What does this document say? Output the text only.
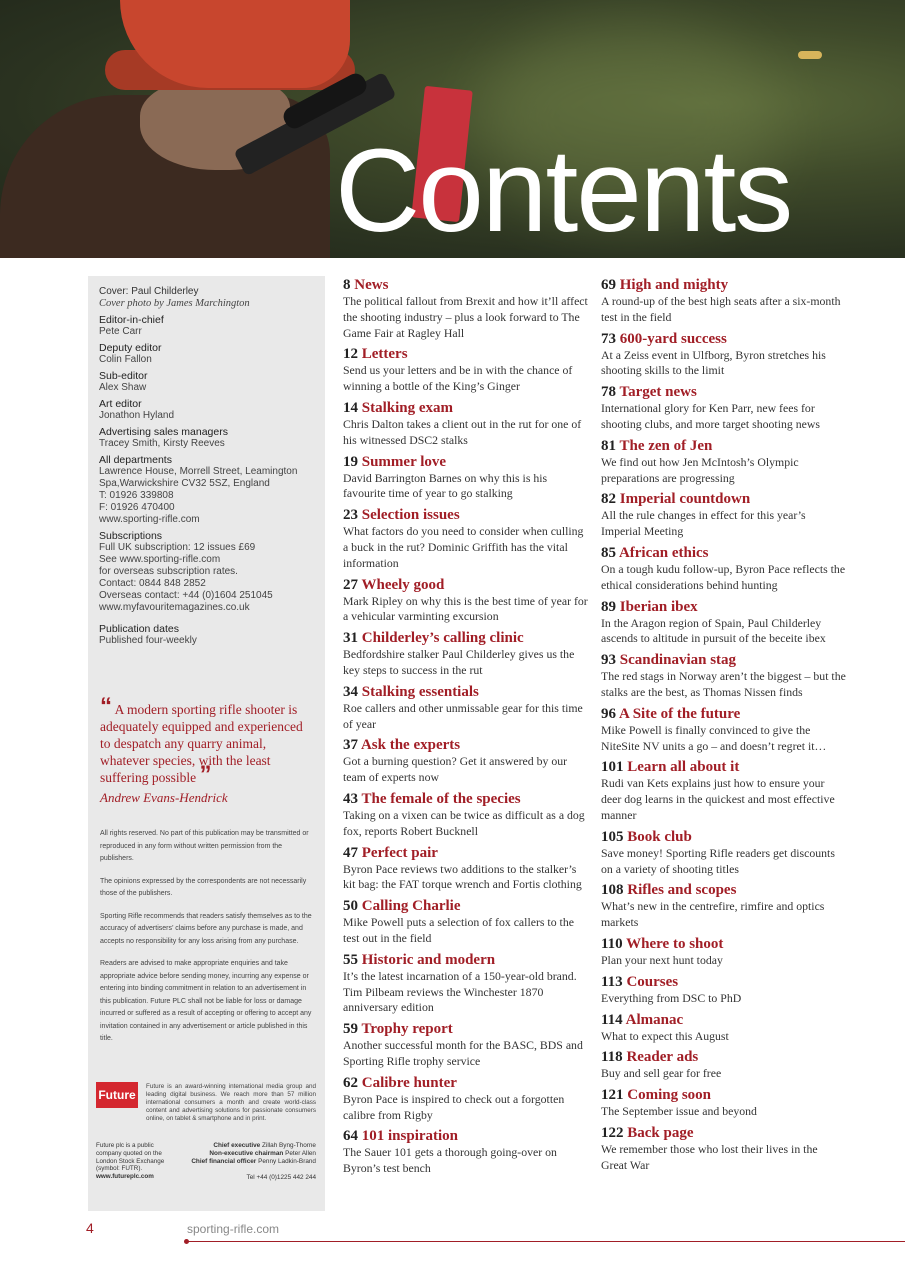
Contents
Cover: Paul Childerley
Cover photo by James Marchington
Editor-in-chief
Pete Carr
Deputy editor
Colin Fallon
Sub-editor
Alex Shaw
Art editor
Jonathon Hyland
Advertising sales managers
Tracey Smith, Kirsty Reeves
All departments
Lawrence House, Morrell Street, Leamington
Spa,Warwickshire CV32 5SZ, England
T: 01926 339808
F: 01926 470400
www.sporting-rifle.com
Subscriptions
Full UK subscription: 12 issues £69
See www.sporting-rifle.com
for overseas subscription rates.
Contact: 0844 848 2852
Overseas contact: +44 (0)1604 251045
www.myfavouritemagazines.co.uk
Publication dates
Published four-weekly
“ A modern sporting rifle shooter is adequately equipped and experienced to despatch any quarry animal, whatever species, with the least suffering possible ”
Andrew Evans-Hendrick

All rights reserved. No part of this publication may be transmitted or reproduced in any form without written permission from the publishers.

The opinions expressed by the correspondents are not necessarily those of the publishers.

Sporting Rifle recommends that readers satisfy themselves as to the accuracy of advertisers’ claims before any purchase is made, and accepts no responsibility for any loss arising from any purchase.

Readers are advised to make appropriate enquiries and take appropriate advice before sending money, incurring any expense or entering into binding commitment in relation to an advertisement in this publication. Future PLC shall not be liable for loss or damage incurred or suffered as a result of accepting or offering to accept any invitation contained in any advertisement or article published in this title.

Future
Future is an award-winning international media group and leading digital business. We reach more than 57 million international consumers a month and create world-class content and advertising solutions for passionate consumers online, on tablet & smartphone and in print.
Future plc is a public company quoted on the London Stock Exchange (symbol: FUTR).
www.futureplc.com
Chief executive Zillah Byng-Thorne
Non-executive chairman Peter Allen
Chief financial officer Penny Ladkin-Brand
Tel +44 (0)1225 442 244
8 News
The political fallout from Brexit and how it’ll affect the shooting industry – plus a look forward to The Game Fair at Ragley Hall
12 Letters
Send us your letters and be in with the chance of winning a bottle of the King’s Ginger
14 Stalking exam
Chris Dalton takes a client out in the rut for one of his witnessed DSC2 stalks
19 Summer love
David Barrington Barnes on why this is his favourite time of year to go stalking
23 Selection issues
What factors do you need to consider when culling a buck in the rut? Dominic Griffith has the vital information
27 Wheely good
Mark Ripley on why this is the best time of year for a vehicular varminting excursion
31 Childerley’s calling clinic
Bedfordshire stalker Paul Childerley gives us the key steps to success in the rut
34 Stalking essentials
Roe callers and other unmissable gear for this time of year
37 Ask the experts
Got a burning question? Get it answered by our team of experts now
43 The female of the species
Taking on a vixen can be twice as difficult as a dog fox, reports Robert Bucknell
47 Perfect pair
Byron Pace reviews two additions to the stalker’s kit bag: the FAT torque wrench and Fortis clothing
50 Calling Charlie
Mike Powell puts a selection of fox callers to the test out in the field
55 Historic and modern
It’s the latest incarnation of a 150-year-old brand. Tim Pilbeam reviews the Winchester 1870 anniversary edition
59 Trophy report
Another successful month for the BASC, BDS and Sporting Rifle trophy service
62 Calibre hunter
Byron Pace is inspired to check out a forgotten calibre from Rigby
64 101 inspiration
The Sauer 101 gets a thorough going-over on Byron’s test bench
69 High and mighty
A round-up of the best high seats after a six-month test in the field
73 600-yard success
At a Zeiss event in Ulfborg, Byron stretches his shooting skills to the limit
78 Target news
International glory for Ken Parr, new fees for shooting clubs, and more target shooting news
81 The zen of Jen
We find out how Jen McIntosh’s Olympic preparations are progressing
82 Imperial countdown
All the rule changes in effect for this year’s Imperial Meeting
85 African ethics
On a tough kudu follow-up, Byron Pace reflects the ethical considerations behind hunting
89 Iberian ibex
In the Aragon region of Spain, Paul Childerley ascends to altitude in pursuit of the beceite ibex
93 Scandinavian stag
The red stags in Norway aren’t the biggest – but the stalks are the best, as Thomas Nissen finds
96 A Site of the future
Mike Powell is finally convinced to give the NiteSite NV units a go – and doesn’t regret it…
101 Learn all about it
Rudi van Kets explains just how to ensure your deer dog learns in the quickest and most effective manner
105 Book club
Save money! Sporting Rifle readers get discounts on a variety of shooting titles
108 Rifles and scopes
What’s new in the centrefire, rimfire and optics markets
110 Where to shoot
Plan your next hunt today
113 Courses
Everything from DSC to PhD
114 Almanac
What to expect this August
118 Reader ads
Buy and sell gear for free
121 Coming soon
The September issue and beyond
122 Back page
We remember those who lost their lives in the Great War
4	sporting-rifle.com
